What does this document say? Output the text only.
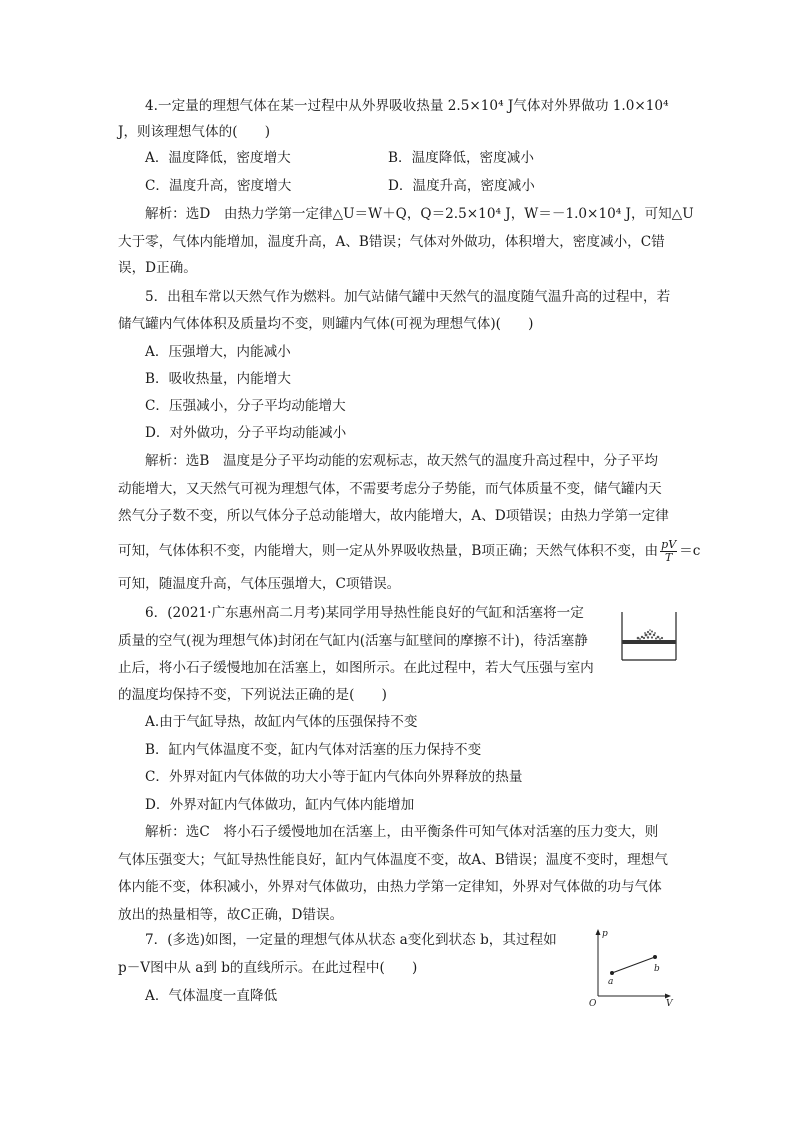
4.一定量的理想气体在某一过程中从外界吸收热量 2.5×10⁴ J气体对外界做功 1.0×10⁴
J，则该理想气体的(　　)
A．温度降低，密度增大	B．温度降低，密度减小
C．温度升高，密度增大	D．温度升高，密度减小
解析：选D　由热力学第一定律△U＝W＋Q，Q＝2.5×10⁴ J，W＝－1.0×10⁴ J，可知△U
大于零，气体内能增加，温度升高，A、B错误；气体对外做功，体积增大，密度减小，C错
误，D正确。
5．出租车常以天然气作为燃料。加气站储气罐中天然气的温度随气温升高的过程中，若
储气罐内气体体积及质量均不变，则罐内气体(可视为理想气体)(　　)
A．压强增大，内能减小
B．吸收热量，内能增大
C．压强减小，分子平均动能增大
D．对外做功，分子平均动能减小
解析：选B　温度是分子平均动能的宏观标志，故天然气的温度升高过程中，分子平均
动能增大，又天然气可视为理想气体，不需要考虑分子势能，而气体质量不变，储气罐内天
然气分子数不变，所以气体分子总动能增大，故内能增大，A、D项错误；由热力学第一定律
可知，气体体积不变，内能增大，则一定从外界吸收热量，B项正确；天然气体积不变，由 $\frac{pV}{T} =c$
可知，随温度升高，气体压强增大，C项错误。
6．(2021·广东惠州高二月考)某同学用导热性能良好的气缸和活塞将一定
质量的空气(视为理想气体)封闭在气缸内(活塞与缸壁间的摩擦不计)，待活塞静
止后，将小石子缓慢地加在活塞上，如图所示。在此过程中，若大气压强与室内
的温度均保持不变，下列说法正确的是(　　)
A.由于气缸导热，故缸内气体的压强保持不变
B．缸内气体温度不变，缸内气体对活塞的压力保持不变
C．外界对缸内气体做的功大小等于缸内气体向外界释放的热量
D．外界对缸内气体做功，缸内气体内能增加
解析：选C　将小石子缓慢地加在活塞上，由平衡条件可知气体对活塞的压力变大，则
气体压强变大；气缸导热性能良好，缸内气体温度不变，故A、B错误；温度不变时，理想气
体内能不变，体积减小，外界对气体做功，由热力学第一定律知，外界对气体做的功与气体
放出的热量相等，故C正确，D错误。
7．(多选)如图，一定量的理想气体从状态 a变化到状态 b，其过程如
p－V图中从 a到 b的直线所示。在此过程中(　　)
A．气体温度一直降低
p
V
O
a
b
